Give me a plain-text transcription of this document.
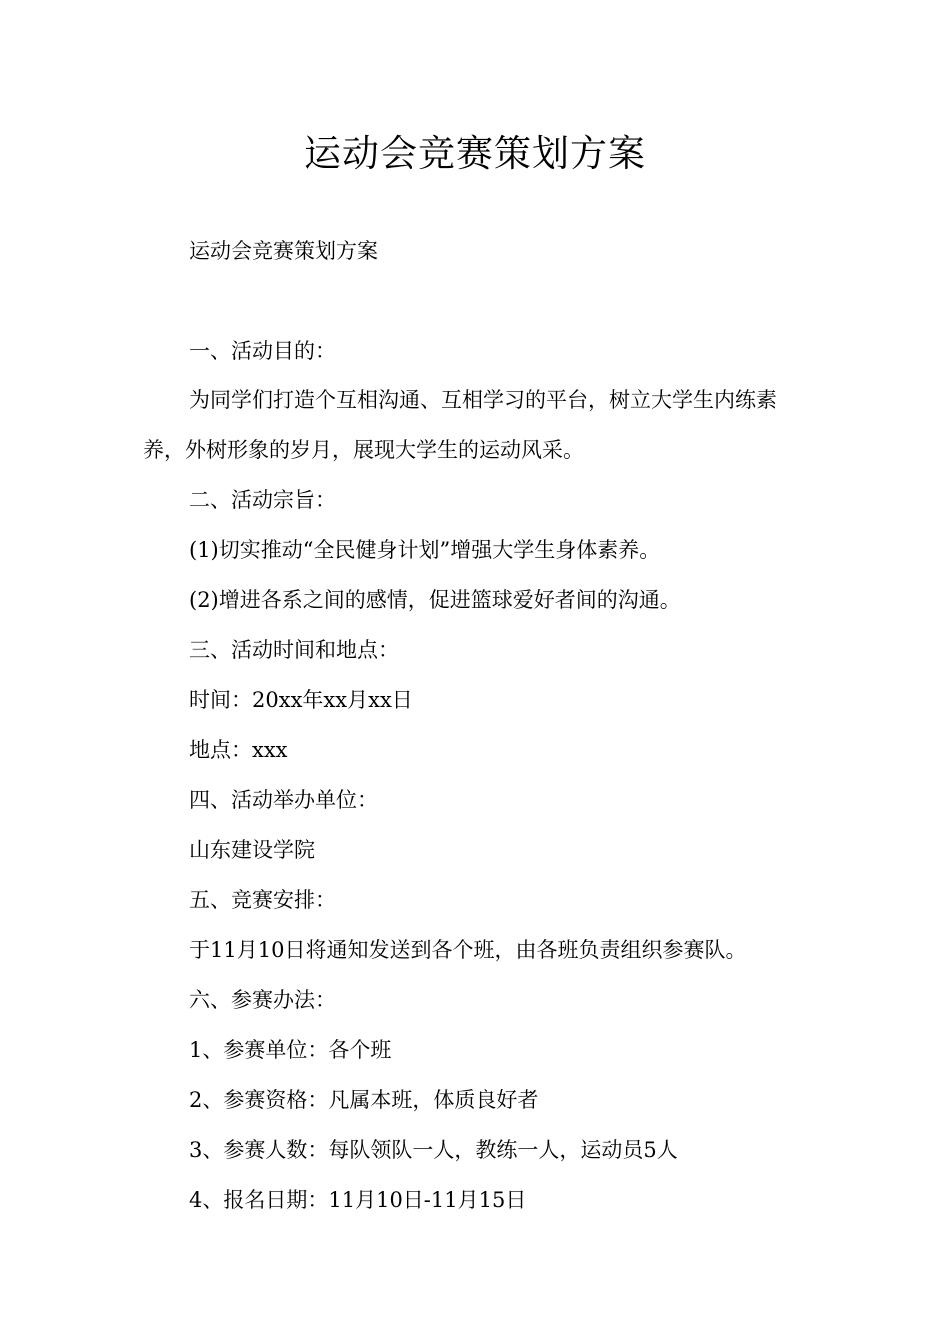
运动会竞赛策划方案

运动会竞赛策划方案

一、活动目的：

为同学们打造个互相沟通、互相学习的平台，树立大学生内练素养，外树形象的岁月，展现大学生的运动风采。

二、活动宗旨：

(1)切实推动“全民健身计划”增强大学生身体素养。

(2)增进各系之间的感情，促进篮球爱好者间的沟通。

三、活动时间和地点：

时间：20xx年xx月xx日

地点：xxx

四、活动举办单位：

山东建设学院

五、竞赛安排：

于11月10日将通知发送到各个班，由各班负责组织参赛队。

六、参赛办法：

1、参赛单位：各个班

2、参赛资格：凡属本班，体质良好者

3、参赛人数：每队领队一人，教练一人，运动员5人

4、报名日期：11月10日-11月15日
